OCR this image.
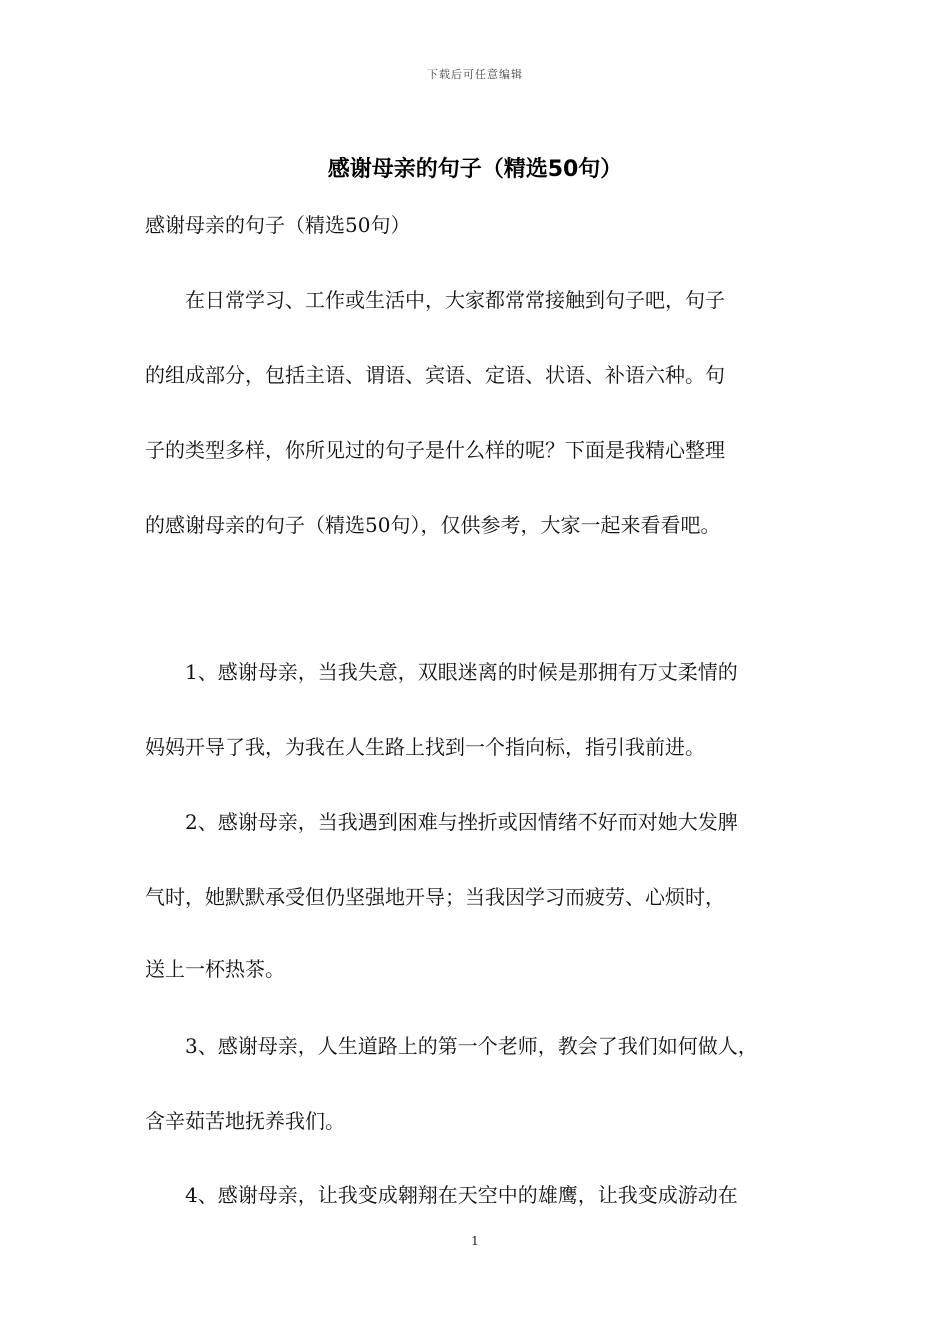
下载后可任意编辑
感谢母亲的句子（精选50句）
感谢母亲的句子（精选50句）
　　在日常学习、工作或生活中，大家都常常接触到句子吧，句子
的组成部分，包括主语、谓语、宾语、定语、状语、补语六种。句
子的类型多样，你所见过的句子是什么样的呢？下面是我精心整理
的感谢母亲的句子（精选50句），仅供参考，大家一起来看看吧。
　　1、感谢母亲，当我失意，双眼迷离的时候是那拥有万丈柔情的
妈妈开导了我，为我在人生路上找到一个指向标，指引我前进。
　　2、感谢母亲，当我遇到困难与挫折或因情绪不好而对她大发脾
气时，她默默承受但仍坚强地开导；当我因学习而疲劳、心烦时，
送上一杯热茶。
　　3、感谢母亲，人生道路上的第一个老师，教会了我们如何做人，
含辛茹苦地抚养我们。
　　4、感谢母亲，让我变成翱翔在天空中的雄鹰，让我变成游动在
1
